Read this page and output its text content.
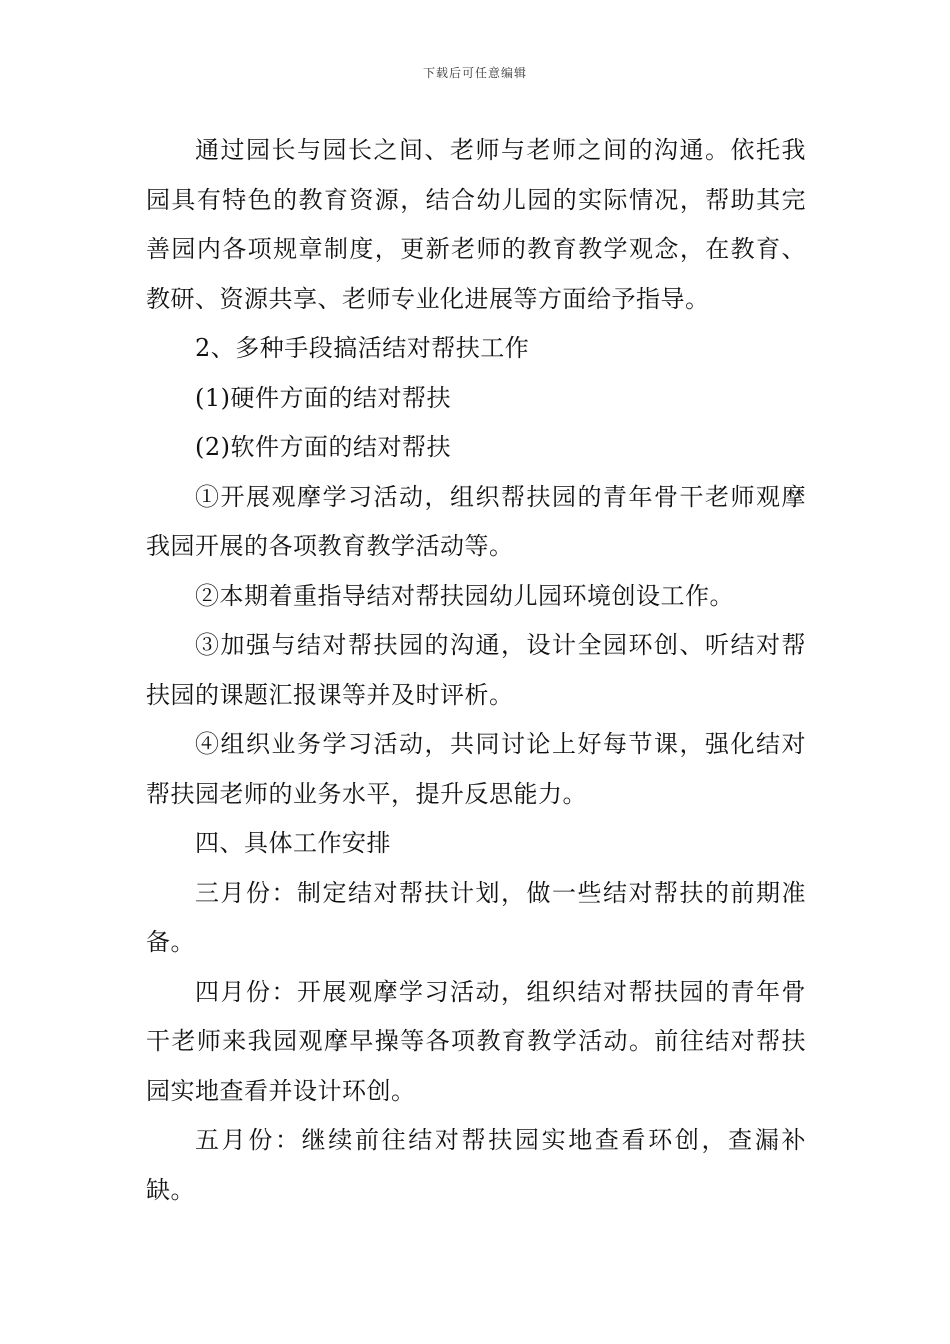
下载后可任意编辑

通过园长与园长之间、老师与老师之间的沟通。依托我园具有特色的教育资源，结合幼儿园的实际情况，帮助其完善园内各项规章制度，更新老师的教育教学观念，在教育、教研、资源共享、老师专业化进展等方面给予指导。

2、多种手段搞活结对帮扶工作

(1)硬件方面的结对帮扶

(2)软件方面的结对帮扶

①开展观摩学习活动，组织帮扶园的青年骨干老师观摩我园开展的各项教育教学活动等。

②本期着重指导结对帮扶园幼儿园环境创设工作。

③加强与结对帮扶园的沟通，设计全园环创、听结对帮扶园的课题汇报课等并及时评析。

④组织业务学习活动，共同讨论上好每节课，强化结对帮扶园老师的业务水平，提升反思能力。

四、具体工作安排

三月份：制定结对帮扶计划，做一些结对帮扶的前期准备。

四月份：开展观摩学习活动，组织结对帮扶园的青年骨干老师来我园观摩早操等各项教育教学活动。前往结对帮扶园实地查看并设计环创。

五月份：继续前往结对帮扶园实地查看环创，查漏补缺。
